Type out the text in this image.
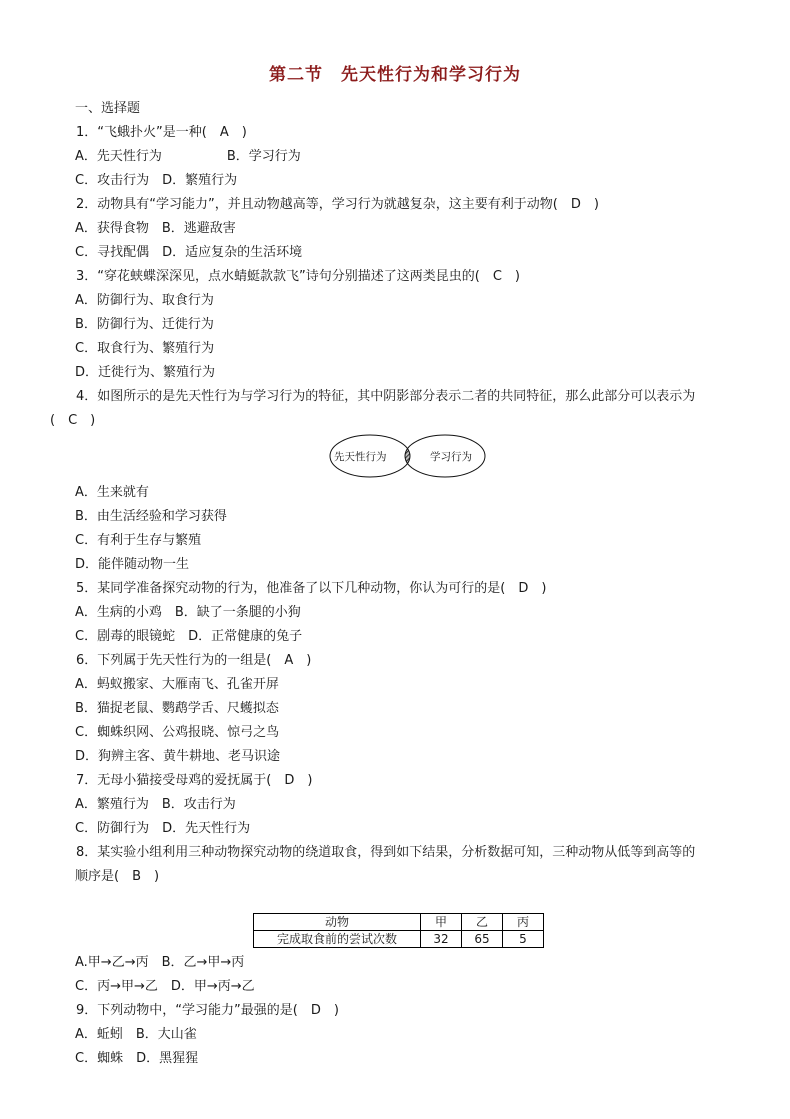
第二节　先天性行为和学习行为
一、选择题
1．“飞蛾扑火”是一种(　A　)
A．先天性行为　　　　　B．学习行为
C．攻击行为　D．繁殖行为
2．动物具有“学习能力”，并且动物越高等，学习行为就越复杂，这主要有利于动物(　D　)
A．获得食物　B．逃避敌害
C．寻找配偶　D．适应复杂的生活环境
3．“穿花蛱蝶深深见，点水蜻蜓款款飞”诗句分别描述了这两类昆虫的(　C　)
A．防御行为、取食行为
B．防御行为、迁徙行为
C．取食行为、繁殖行为
D．迁徙行为、繁殖行为
4．如图所示的是先天性行为与学习行为的特征，其中阴影部分表示二者的共同特征，那么此部分可以表示为
(　C　)
先天性行为	学习行为
A．生来就有
B．由生活经验和学习获得
C．有利于生存与繁殖
D．能伴随动物一生
5．某同学准备探究动物的行为，他准备了以下几种动物，你认为可行的是(　D　)
A．生病的小鸡　B．缺了一条腿的小狗
C．剧毒的眼镜蛇　D．正常健康的兔子
6．下列属于先天性行为的一组是(　A　)
A．蚂蚁搬家、大雁南飞、孔雀开屏
B．猫捉老鼠、鹦鹉学舌、尺蠖拟态
C．蜘蛛织网、公鸡报晓、惊弓之鸟
D．狗辨主客、黄牛耕地、老马识途
7．无母小猫接受母鸡的爱抚属于(　D　)
A．繁殖行为　B．攻击行为
C．防御行为　D．先天性行为
8．某实验小组利用三种动物探究动物的绕道取食，得到如下结果，分析数据可知，三种动物从低等到高等的
顺序是(　B　)
动物	甲	乙	丙
完成取食前的尝试次数	32	65	5
A.甲→乙→丙　B．乙→甲→丙
C．丙→甲→乙　D．甲→丙→乙
9．下列动物中，“学习能力”最强的是(　D　)
A．蚯蚓　B．大山雀
C．蜘蛛　D．黑猩猩
